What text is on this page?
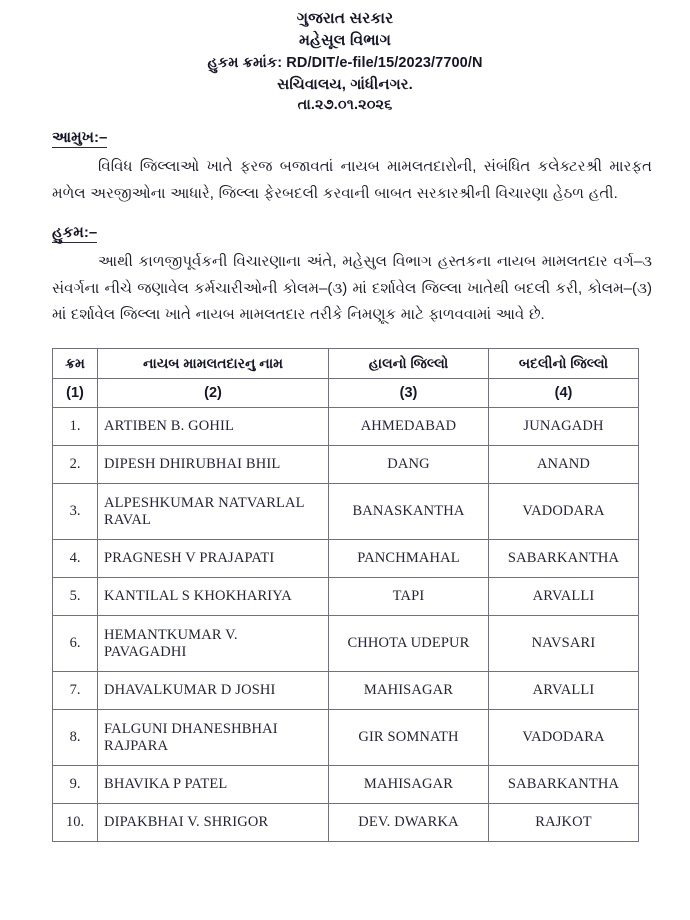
ગુજરાત સરકાર
મહેસૂલ વિભાગ
હુકમ ક્રમાંક: RD/DIT/e-file/15/2023/7700/N
સચિવાલય, ગાંધીનગર.
તા.૨૭.૦૧.૨૦૨૬
આમુખ:–

વિવિધ જિલ્લાઓ ખાતે ફરજ બજાવતાં નાયબ મામલતદારોની, સંબંધિત કલેક્ટરશ્રી મારફત મળેલ અરજીઓના આધારે, જિલ્લા ફેરબદલી કરવાની બાબત સરકારશ્રીની વિચારણા હેઠળ હતી.

હુકમ:–

આથી કાળજીપૂર્વકની વિચારણાના અંતે, મહેસુલ વિભાગ હસ્તકના નાયબ મામલતદાર વર્ગ–૩ સંવર્ગના નીચે જણાવેલ કર્મચારીઓની કોલમ–(૩) માં દર્શાવેલ જિલ્લા ખાતેથી બદલી કરી, કોલમ–(૩) માં દર્શાવેલ જિલ્લા ખાતે નાયબ મામલતદાર તરીકે નિમણૂક માટે ફાળવવામાં આવે છે.

ક્રમ	નાયબ મામલતદારનુ નામ	હાલનો જિલ્લો	બદલીનો જિલ્લો
(1)	(2)	(3)	(4)
1.	ARTIBEN B. GOHIL	AHMEDABAD	JUNAGADH
2.	DIPESH DHIRUBHAI BHIL	DANG	ANAND
3.	ALPESHKUMAR NATVARLAL RAVAL	BANASKANTHA	VADODARA
4.	PRAGNESH V PRAJAPATI	PANCHMAHAL	SABARKANTHA
5.	KANTILAL S KHOKHARIYA	TAPI	ARVALLI
6.	HEMANTKUMAR V. PAVAGADHI	CHHOTA UDEPUR	NAVSARI
7.	DHAVALKUMAR D JOSHI	MAHISAGAR	ARVALLI
8.	FALGUNI DHANESHBHAI RAJPARA	GIR SOMNATH	VADODARA
9.	BHAVIKA P PATEL	MAHISAGAR	SABARKANTHA
10.	DIPAKBHAI V. SHRIGOR	DEV. DWARKA	RAJKOT
